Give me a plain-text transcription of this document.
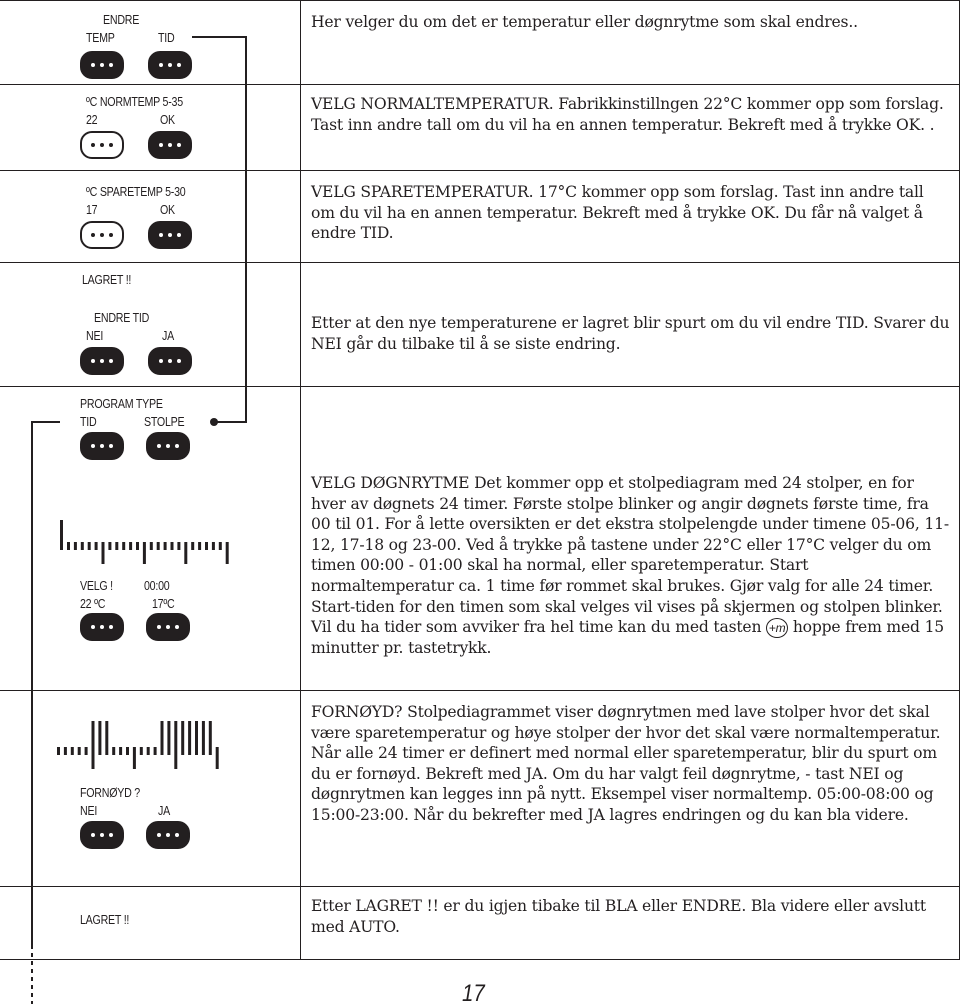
ENDRE
TEMP	TID
Her velger du om det er temperatur eller døgnrytme som skal endres..
ºC NORMTEMP 5-35
22	OK
VELG NORMALTEMPERATUR. Fabrikkinstillngen 22°C kommer opp som forslag. Tast inn andre tall om du vil ha en annen temperatur. Bekreft med å trykke OK. .
ºC SPARETEMP 5-30
17	OK
VELG SPARETEMPERATUR. 17°C kommer opp som forslag. Tast inn andre tall om du vil ha en annen temperatur. Bekreft med å trykke OK. Du får nå valget å endre TID.
LAGRET !!
ENDRE TID
NEI	JA
Etter at den nye temperaturene er lagret blir spurt om du vil endre TID. Svarer du NEI går du tilbake til å se siste endring.
PROGRAM TYPE
TID	STOLPE
VELG ! 00:00
22 ºC	17ºC
VELG DØGNRYTME Det kommer opp et stolpediagram med 24 stolper, en for hver av døgnets 24 timer. Første stolpe blinker og angir døgnets første time, fra 00 til 01. For å lette oversikten er det ekstra stolpelengde under timene 05-06, 11-12, 17-18 og 23-00. Ved å trykke på tastene under 22°C eller 17°C velger du om timen 00:00 - 01:00 skal ha normal, eller sparetemperatur. Start normaltemperatur ca. 1 time før rommet skal brukes. Gjør valg for alle 24 timer. Start-tiden for den timen som skal velges vil vises på skjermen og stolpen blinker. Vil du ha tider som avviker fra hel time kan du med tasten +m hoppe frem med 15 minutter pr. tastetrykk.
FORNØYD ?
NEI	JA
FORNØYD? Stolpediagrammet viser døgnrytmen med lave stolper hvor det skal være sparetemperatur og høye stolper der hvor det skal være normaltemperatur. Når alle 24 timer er definert med normal eller sparetemperatur, blir du spurt om du er fornøyd. Bekreft med JA. Om du har valgt feil døgnrytme, - tast NEI og døgnrytmen kan legges inn på nytt. Eksempel viser normaltemp. 05:00-08:00 og 15:00-23:00. Når du bekrefter med JA lagres endringen og du kan bla videre.
LAGRET !!
Etter LAGRET !! er du igjen tibake til BLA eller ENDRE. Bla videre eller avslutt med AUTO.
17
